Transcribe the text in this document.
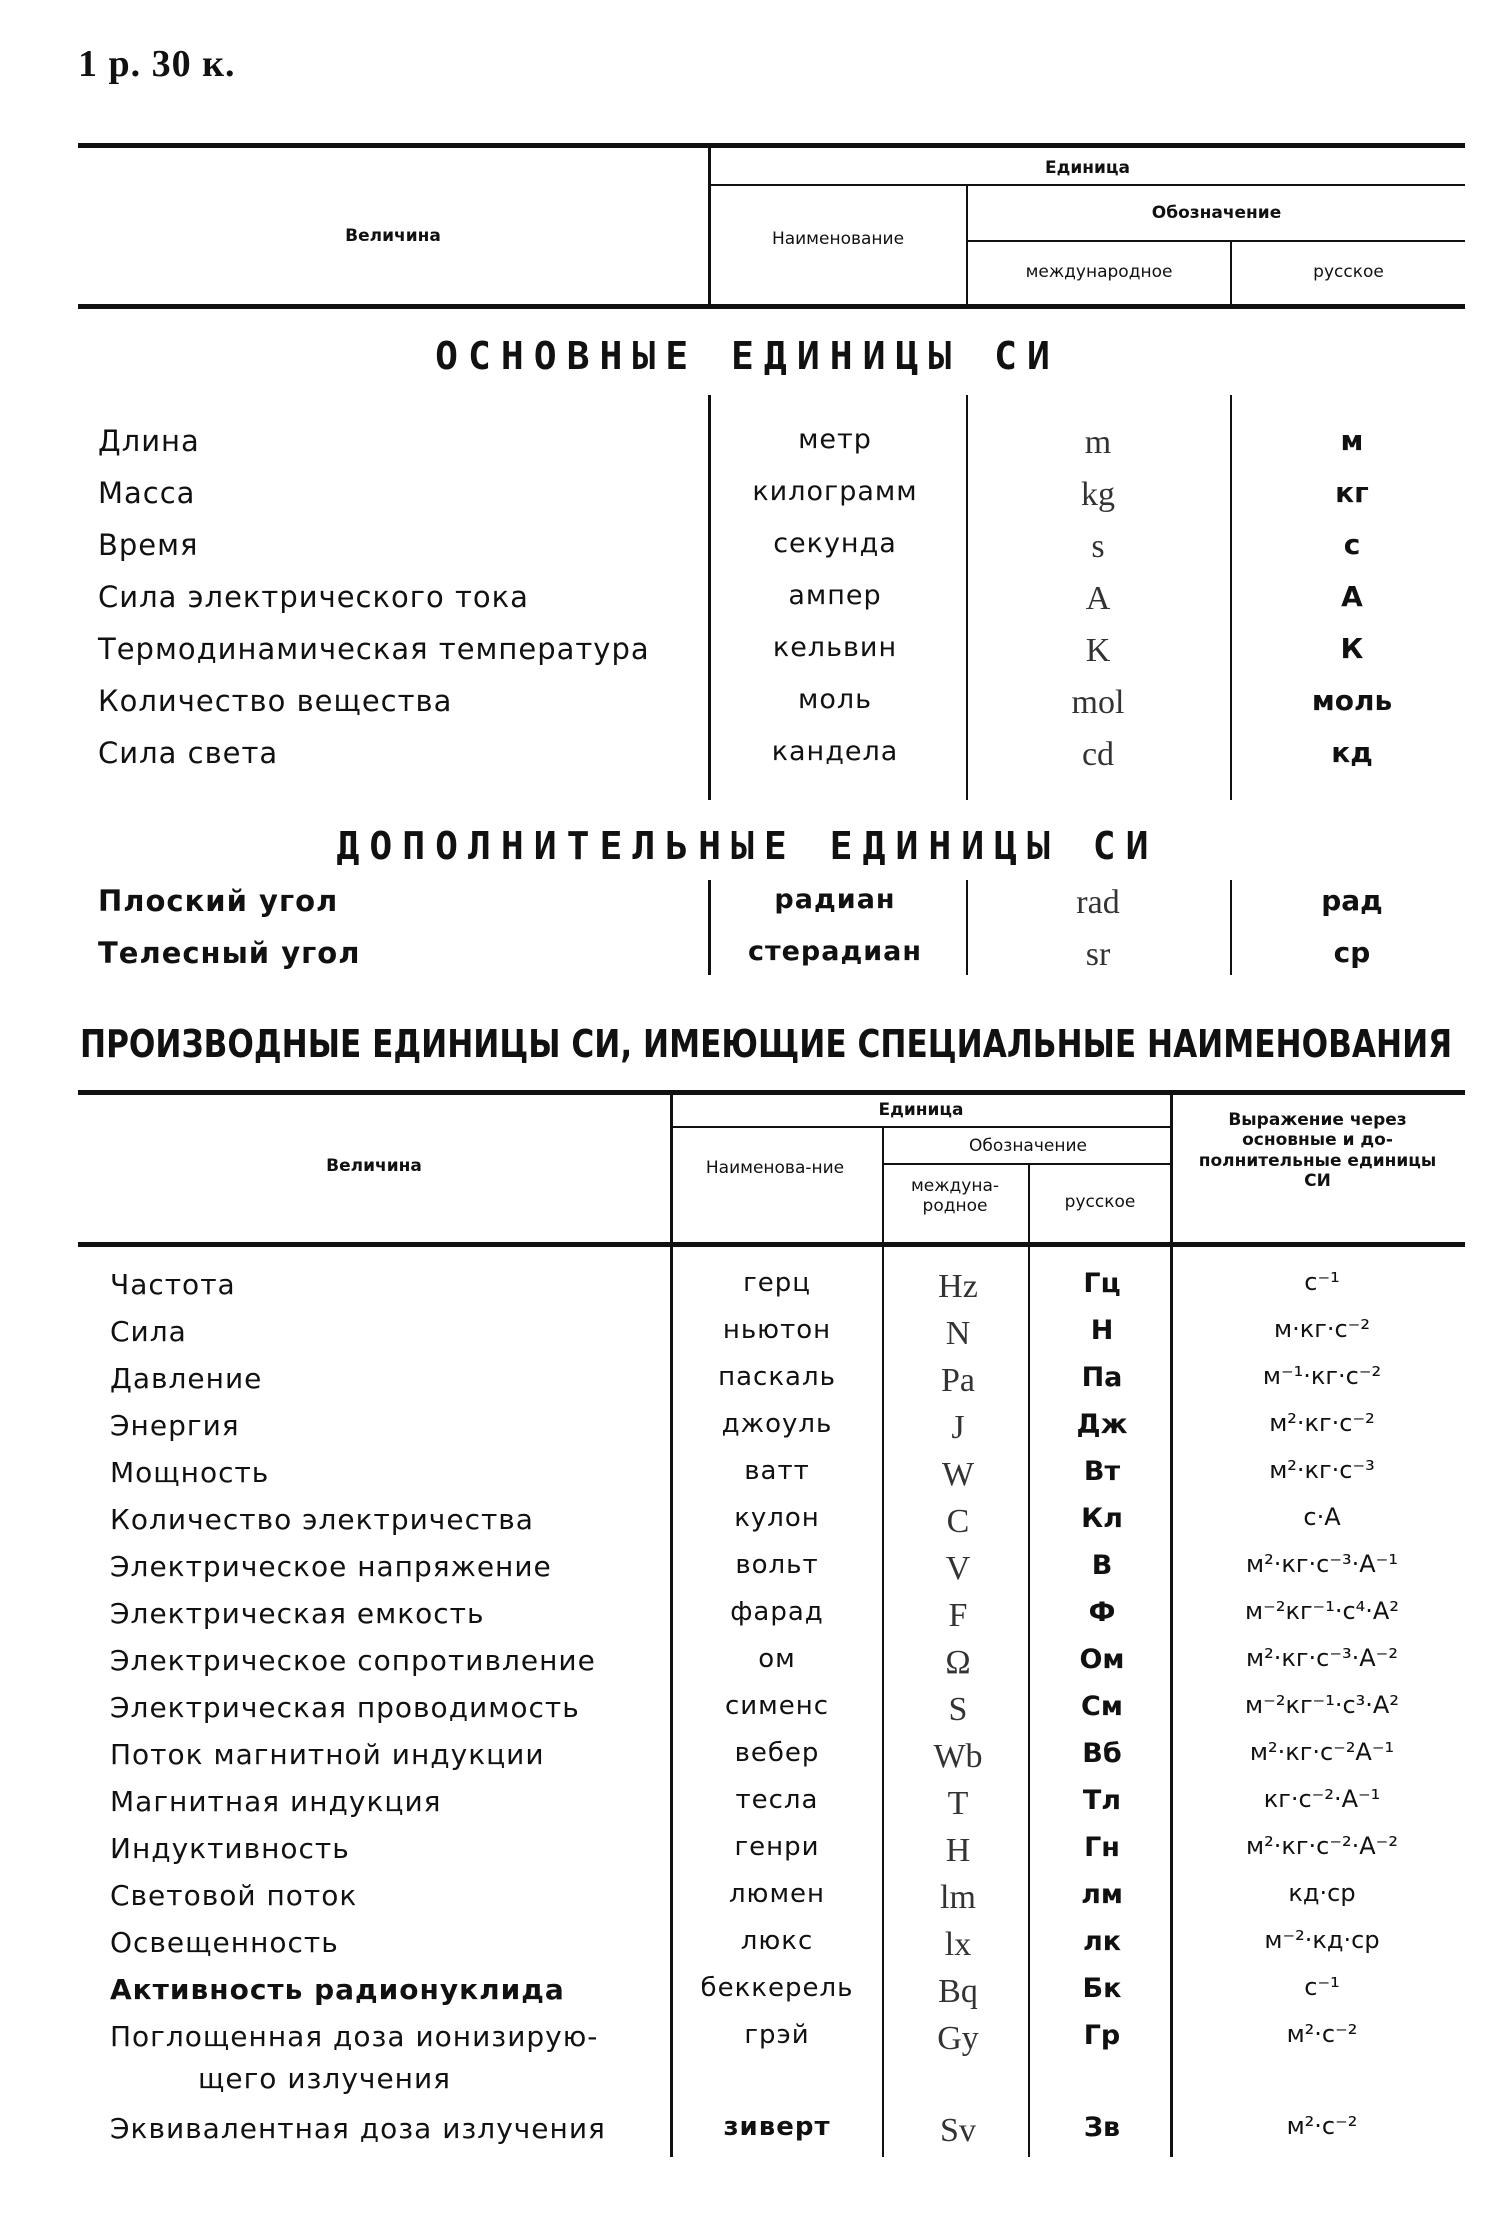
1 р. 30 к.
Величина
Единица
Наименование
Обозначение
международное	русское
ОСНОВНЫЕ ЕДИНИЦЫ СИ
Длина	метр	m	м
Масса	килограмм	kg	кг
Время	секунда	s	с
Сила электрического тока	ампер	A	А
Термодинамическая температура	кельвин	K	К
Количество вещества	моль	mol	моль
Сила света	кандела	cd	кд
ДОПОЛНИТЕЛЬНЫЕ ЕДИНИЦЫ СИ
Плоский угол	радиан	rad	рад
Телесный угол	стерадиан	sr	ср
ПРОИЗВОДНЫЕ ЕДИНИЦЫ СИ, ИМЕЮЩИЕ СПЕЦИАЛЬНЫЕ НАИМЕНОВАНИЯ
Величина
Единица
Наименова-ние
Обозначение
междуна-родное	русское
Выражение через основные и до-полнительные единицы СИ
Частота	герц	Hz	Гц	с⁻¹
Сила	ньютон	N	Н	м·кг·с⁻²
Давление	паскаль	Pa	Па	м⁻¹·кг·с⁻²
Энергия	джоуль	J	Дж	м²·кг·с⁻²
Мощность	ватт	W	Вт	м²·кг·с⁻³
Количество электричества	кулон	C	Кл	с·А
Электрическое напряжение	вольт	V	В	м²·кг·с⁻³·А⁻¹
Электрическая емкость	фарад	F	Ф	м⁻²кг⁻¹·с⁴·А²
Электрическое сопротивление	ом	Ω	Ом	м²·кг·с⁻³·А⁻²
Электрическая проводимость	сименс	S	См	м⁻²кг⁻¹·с³·А²
Поток магнитной индукции	вебер	Wb	Вб	м²·кг·с⁻²А⁻¹
Магнитная индукция	тесла	T	Тл	кг·с⁻²·А⁻¹
Индуктивность	генри	H	Гн	м²·кг·с⁻²·А⁻²
Световой поток	люмен	lm	лм	кд·ср
Освещенность	люкс	lx	лк	м⁻²·кд·ср
Активность радионуклида	беккерель	Bq	Бк	с⁻¹
Поглощенная доза ионизирую-	грэй	Gy	Гр	м²·с⁻²
щего излучения
Эквивалентная доза излучения	зиверт	Sv	Зв	м²·с⁻²
